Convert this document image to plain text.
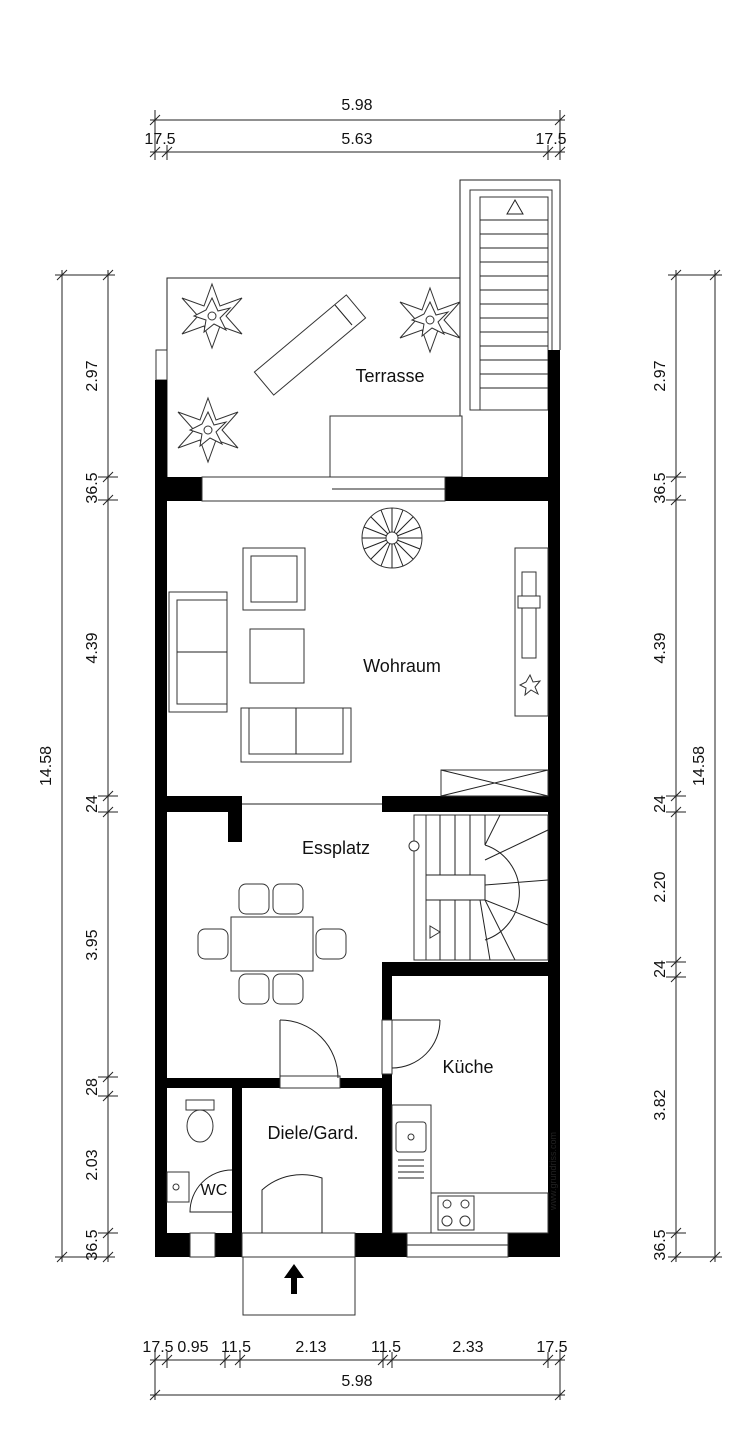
5.98
17.5	5.63	17.5
17.5 0.95 11.5	2.13	11.5	2.33	17.5
5.98
14.58
2.97
36.5
4.39
24
3.95
28
2.03
36.5
14.58
2.97
36.5
4.39
24
2.20
24
3.82
36.5
www.grundriss.com
Terrasse
Wohraum
Essplatz
Küche
Diele/Gard.
WC
